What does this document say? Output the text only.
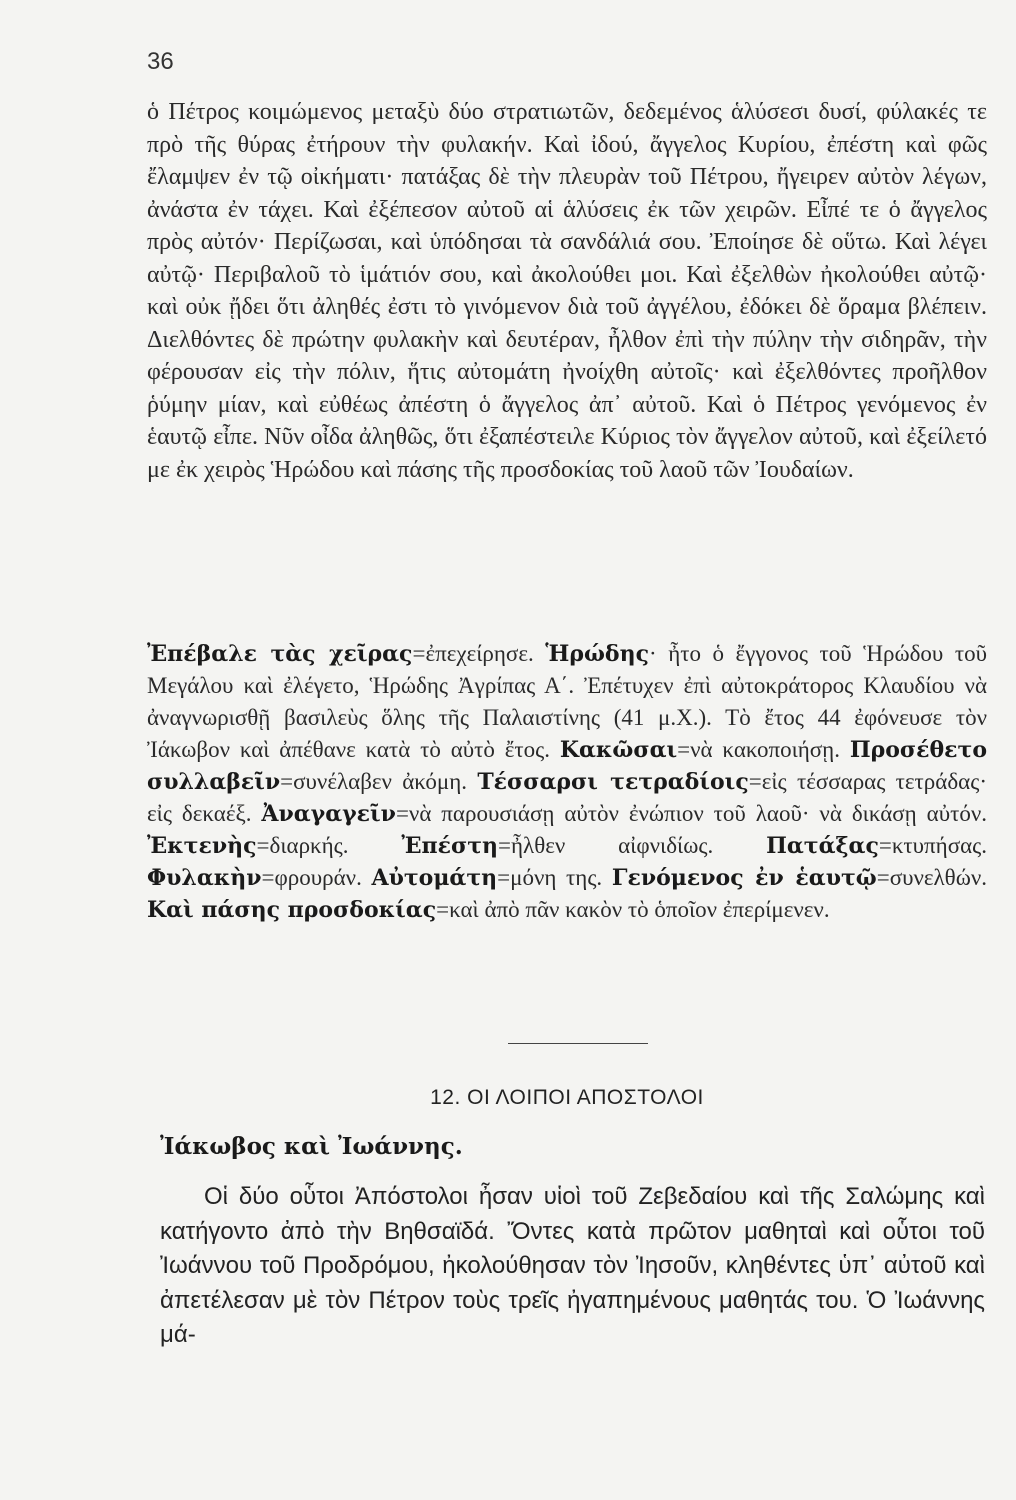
36

ὁ Πέτρος κοιμώμενος μεταξὺ δύο στρατιωτῶν, δεδεμένος ἁλύσεσι δυσί, φύλακές τε πρὸ τῆς θύρας ἐτήρουν τὴν φυλακήν. Καὶ ἰδού, ἄγγελος Κυρίου, ἐπέστη καὶ φῶς ἔλαμψεν ἐν τῷ οἰκήματι· πατάξας δὲ τὴν πλευρὰν τοῦ Πέτρου, ἤγειρεν αὐτὸν λέγων, ἀνάστα ἐν τάχει. Καὶ ἐξέπεσον αὐτοῦ αἱ ἁλύσεις ἐκ τῶν χειρῶν. Εἶπέ τε ὁ ἄγγελος πρὸς αὐτόν· Περίζωσαι, καὶ ὑπόδησαι τὰ σανδάλιά σου. Ἐποίησε δὲ οὕτω. Καὶ λέγει αὐτῷ· Περιβαλοῦ τὸ ἱμάτιόν σου, καὶ ἀκολούθει μοι. Καὶ ἐξελθὼν ἠκολούθει αὐτῷ· καὶ οὐκ ᾔδει ὅτι ἀληθές ἐστι τὸ γινόμενον διὰ τοῦ ἀγγέλου, ἐδόκει δὲ ὅραμα βλέπειν. Διελθόντες δὲ πρώτην φυλακὴν καὶ δευτέραν, ἦλθον ἐπὶ τὴν πύλην τὴν σιδηρᾶν, τὴν φέρουσαν εἰς τὴν πόλιν, ἥτις αὐτομάτη ἠνοίχθη αὐτοῖς· καὶ ἐξελθόντες προῆλθον ῥύμην μίαν, καὶ εὐθέως ἀπέστη ὁ ἄγγελος ἀπ᾿ αὐτοῦ. Καὶ ὁ Πέτρος γενόμενος ἐν ἑαυτῷ εἶπε. Νῦν οἶδα ἀληθῶς, ὅτι ἐξαπέστειλε Κύριος τὸν ἄγγελον αὐτοῦ, καὶ ἐξείλετό με ἐκ χειρὸς Ἡρώδου καὶ πάσης τῆς προσδοκίας τοῦ λαοῦ τῶν Ἰουδαίων.

Ἐπέβαλε τὰς χεῖρας=ἐπεχείρησε. Ἡρώδης· ἦτο ὁ ἔγγονος τοῦ Ἡρώδου τοῦ Μεγάλου καὶ ἐλέγετο, Ἡρώδης Ἀγρίπας Α΄. Ἐπέτυχεν ἐπὶ αὐτοκράτορος Κλαυδίου νὰ ἀναγνωρισθῇ βασιλεὺς ὅλης τῆς Παλαιστίνης (41 μ.Χ.). Τὸ ἔτος 44 ἐφόνευσε τὸν Ἰάκωβον καὶ ἀπέθανε κατὰ τὸ αὐτὸ ἔτος. Κακῶσαι=νὰ κακοποιήσῃ. Προσέθετο συλλαβεῖν=συνέλαβεν ἀκόμη. Τέσσαρσι τετραδίοις=εἰς τέσσαρας τετράδας· εἰς δεκαέξ. Ἀναγαγεῖν=νὰ παρουσιάσῃ αὐτὸν ἐνώπιον τοῦ λαοῦ· νὰ δικάσῃ αὐτόν. Ἐκτενὴς=διαρκής. Ἐπέστη=ἦλθεν αἰφνιδίως. Πατάξας=κτυπήσας. Φυλακὴν=φρουράν. Αὐτομάτη=μόνη της. Γενόμενος ἐν ἑαυτῷ=συνελθών. Καὶ πάσης προσδοκίας=καὶ ἀπὸ πᾶν κακὸν τὸ ὁποῖον ἐπερίμενεν.

12. ΟΙ ΛΟΙΠΟΙ ΑΠΟΣΤΟΛΟΙ
Ἰάκωβος καὶ Ἰωάννης.

Οἱ δύο οὗτοι Ἀπόστολοι ἦσαν υἱοὶ τοῦ Ζεβεδαίου καὶ τῆς Σαλώμης καὶ κατήγοντο ἀπὸ τὴν Βηθσαϊδά. Ὄντες κατὰ πρῶτον μαθηταὶ καὶ οὗτοι τοῦ Ἰωάννου τοῦ Προδρόμου, ἠκολούθησαν τὸν Ἰησοῦν, κληθέντες ὑπ᾿ αὐτοῦ καὶ ἀπετέλεσαν μὲ τὸν Πέτρον τοὺς τρεῖς ἠγαπημένους μαθητάς του. Ὁ Ἰωάννης μά-
